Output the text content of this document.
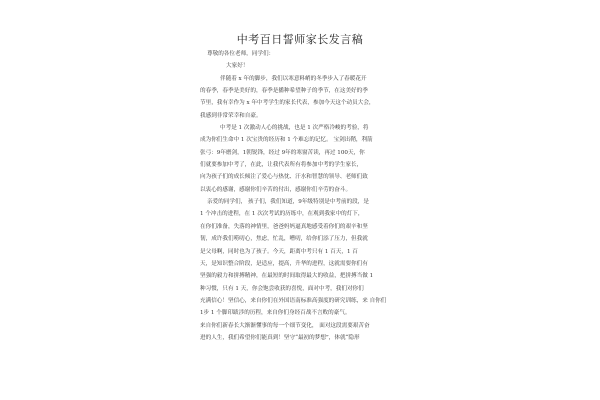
中考百日誓师家长发言稿
尊敬的各位老师，同学们：
大家好！
伴随着 x 年的脚步，我们以寒意料峭的冬季步入了春暖花开
的春季，春季是美好的，春季是播种希望种子的季节，在这美好的季
节里，我有幸作为 x 年中考学生的家长代表，参加今天这个动员大会，
我感到非常荣幸和自豪。
中考是 1 次激动人心的挑战，也是 1 次严格冷峻的考验，将
成为你们生命中 1 次宝贵的经历和 1 个难忘的记忆。 宝剑出鞘，利箭
张弓：9年磨剑，1朝锐锋，经过 9年的寒窗苦读，再过 100天，你
们就要参加中考了，在此，让我代表所有将参加中考的学生家长，
向为孩子们的成长倾注了爱心与热忱、汗水和智慧的领导、老师们致
以衷心的感谢，感谢你们辛苦的付出，感谢你们辛劳的奋斗。
亲爱的同学们， 孩子们，我们知道，9年级特别是中考前的段，是
1 个冲击的进程，在 1 次次考试的历练中，在观到我家中的灯下，
在你们准备，失落的神情里，爸爸妈妈逼真地感受着你们的艰辛和坚
韧，成许我们唠叨心，焦虑，忙乱，嘈叨，给你们添了压力，但我就
是父母啊，同时也为了孩子。今天，距离中考只有 1 百天，1 百
天，是知识整合阶段，是适应，提高，升华的进程，这就需要你们有
坚强的毅力和拼搏精神，在最短的时间取得最大的收益，把拼搏当做 1
种习惯，只有 1 天，你会饱尝收获的喜悦，面对中考，我们对你们
充满信心！坚信心，来自你们在外国语南标准高强度的研究训练，来 自你们
1步 1 个脚印跋涉的历程，来自你们身经百战不言败的豪气。
来自你们新春长大渐渐懂事的每一个细节变化， 面对这段需要艰苦奋
进的人生，我们希望你们能真到！坚守“最初的梦想”，体就“隐形
